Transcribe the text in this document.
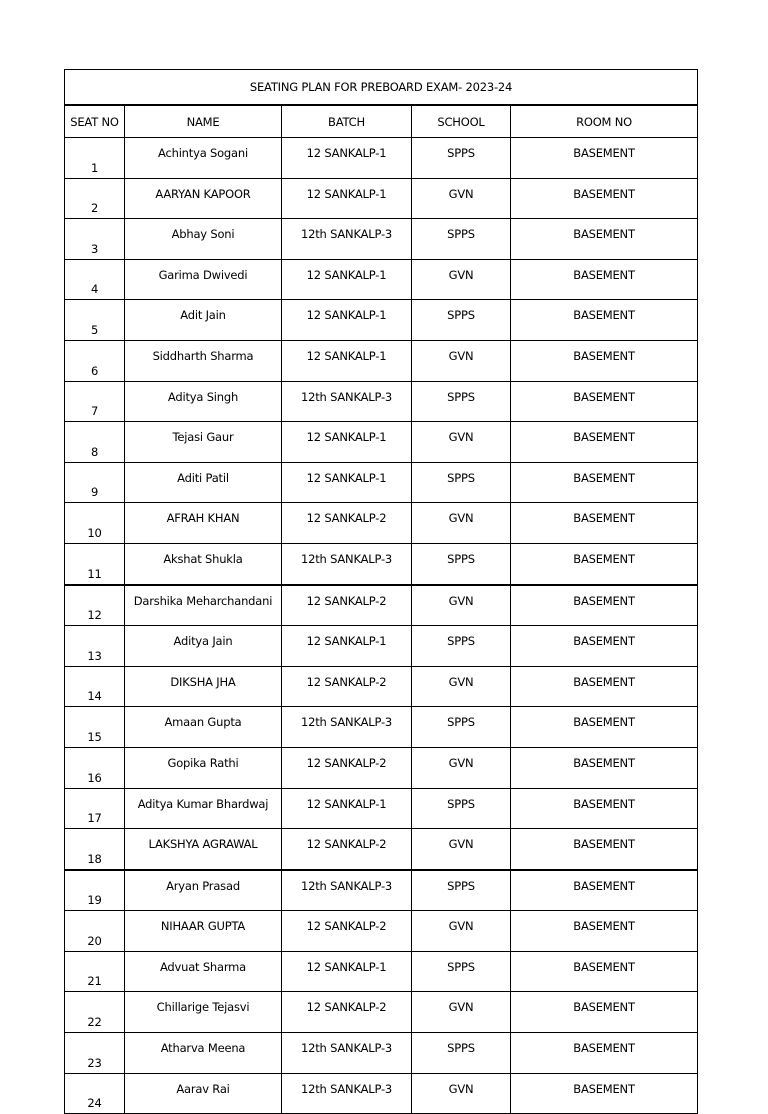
SEATING PLAN FOR PREBOARD EXAM- 2023-24				
SEAT NO	NAME	BATCH	SCHOOL	ROOM NO
1	Achintya Sogani	12 SANKALP-1	SPPS	BASEMENT
2	AARYAN KAPOOR	12 SANKALP-1	GVN	BASEMENT
3	Abhay Soni	12th SANKALP-3	SPPS	BASEMENT
4	Garima Dwivedi	12 SANKALP-1	GVN	BASEMENT
5	Adit Jain	12 SANKALP-1	SPPS	BASEMENT
6	Siddharth Sharma	12 SANKALP-1	GVN	BASEMENT
7	Aditya Singh	12th SANKALP-3	SPPS	BASEMENT
8	Tejasi Gaur	12 SANKALP-1	GVN	BASEMENT
9	Aditi Patil	12 SANKALP-1	SPPS	BASEMENT
10	AFRAH KHAN	12 SANKALP-2	GVN	BASEMENT
11	Akshat Shukla	12th SANKALP-3	SPPS	BASEMENT
12	Darshika Meharchandani	12 SANKALP-2	GVN	BASEMENT
13	Aditya Jain	12 SANKALP-1	SPPS	BASEMENT
14	DIKSHA JHA	12 SANKALP-2	GVN	BASEMENT
15	Amaan Gupta	12th SANKALP-3	SPPS	BASEMENT
16	Gopika Rathi	12 SANKALP-2	GVN	BASEMENT
17	Aditya Kumar Bhardwaj	12 SANKALP-1	SPPS	BASEMENT
18	LAKSHYA AGRAWAL	12 SANKALP-2	GVN	BASEMENT
19	Aryan Prasad	12th SANKALP-3	SPPS	BASEMENT
20	NIHAAR GUPTA	12 SANKALP-2	GVN	BASEMENT
21	Advuat Sharma	12 SANKALP-1	SPPS	BASEMENT
22	Chillarige Tejasvi	12 SANKALP-2	GVN	BASEMENT
23	Atharva Meena	12th SANKALP-3	SPPS	BASEMENT
24	Aarav Rai	12th SANKALP-3	GVN	BASEMENT
